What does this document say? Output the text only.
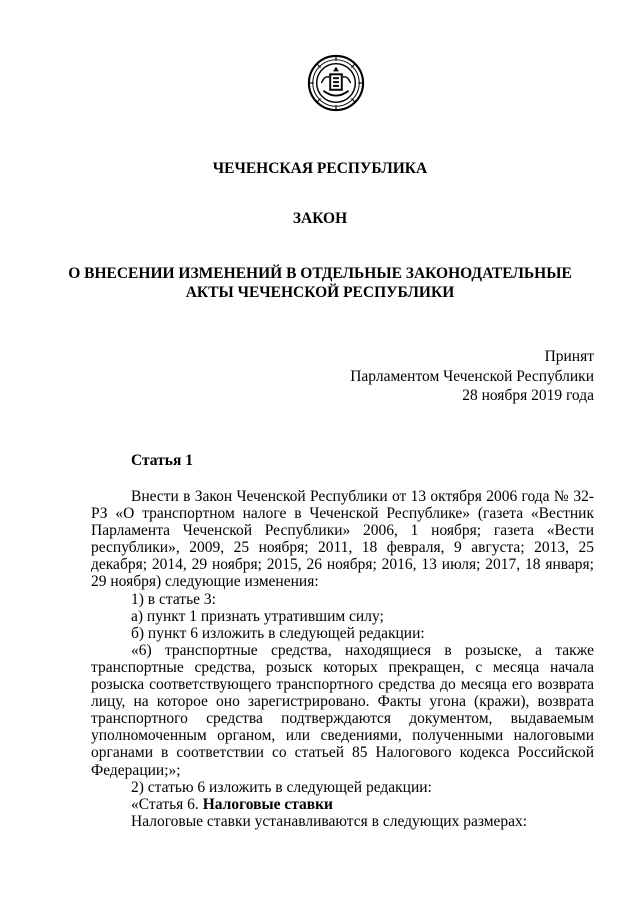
ЧЕЧЕНСКАЯ РЕСПУБЛИКА
ЗАКОН
О ВНЕСЕНИИ ИЗМЕНЕНИЙ В ОТДЕЛЬНЫЕ ЗАКОНОДАТЕЛЬНЫЕ
АКТЫ ЧЕЧЕНСКОЙ РЕСПУБЛИКИ
Принят
Парламентом Чеченской Республики
28 ноября 2019 года
Статья 1

Внести в Закон Чеченской Республики от 13 октября 2006 года № 32-РЗ «О транспортном налоге в Чеченской Республике» (газета «Вестник Парламента Чеченской Республики» 2006, 1 ноября; газета «Вести республики», 2009, 25 ноября; 2011, 18 февраля, 9 августа; 2013, 25 декабря; 2014, 29 ноября; 2015, 26 ноября; 2016, 13 июля; 2017, 18 января; 29 ноября) следующие изменения:

1) в статье 3:

а) пункт 1 признать утратившим силу;

б) пункт 6 изложить в следующей редакции:

«6) транспортные средства, находящиеся в розыске, а также транспортные средства, розыск которых прекращен, с месяца начала розыска соответствующего транспортного средства до месяца его возврата лицу, на которое оно зарегистрировано. Факты угона (кражи), возврата транспортного средства подтверждаются документом, выдаваемым уполномоченным органом, или сведениями, полученными налоговыми органами в соответствии со статьей 85 Налогового кодекса Российской Федерации;»;

2) статью 6 изложить в следующей редакции:

«Статья 6. Налоговые ставки

Налоговые ставки устанавливаются в следующих размерах:
